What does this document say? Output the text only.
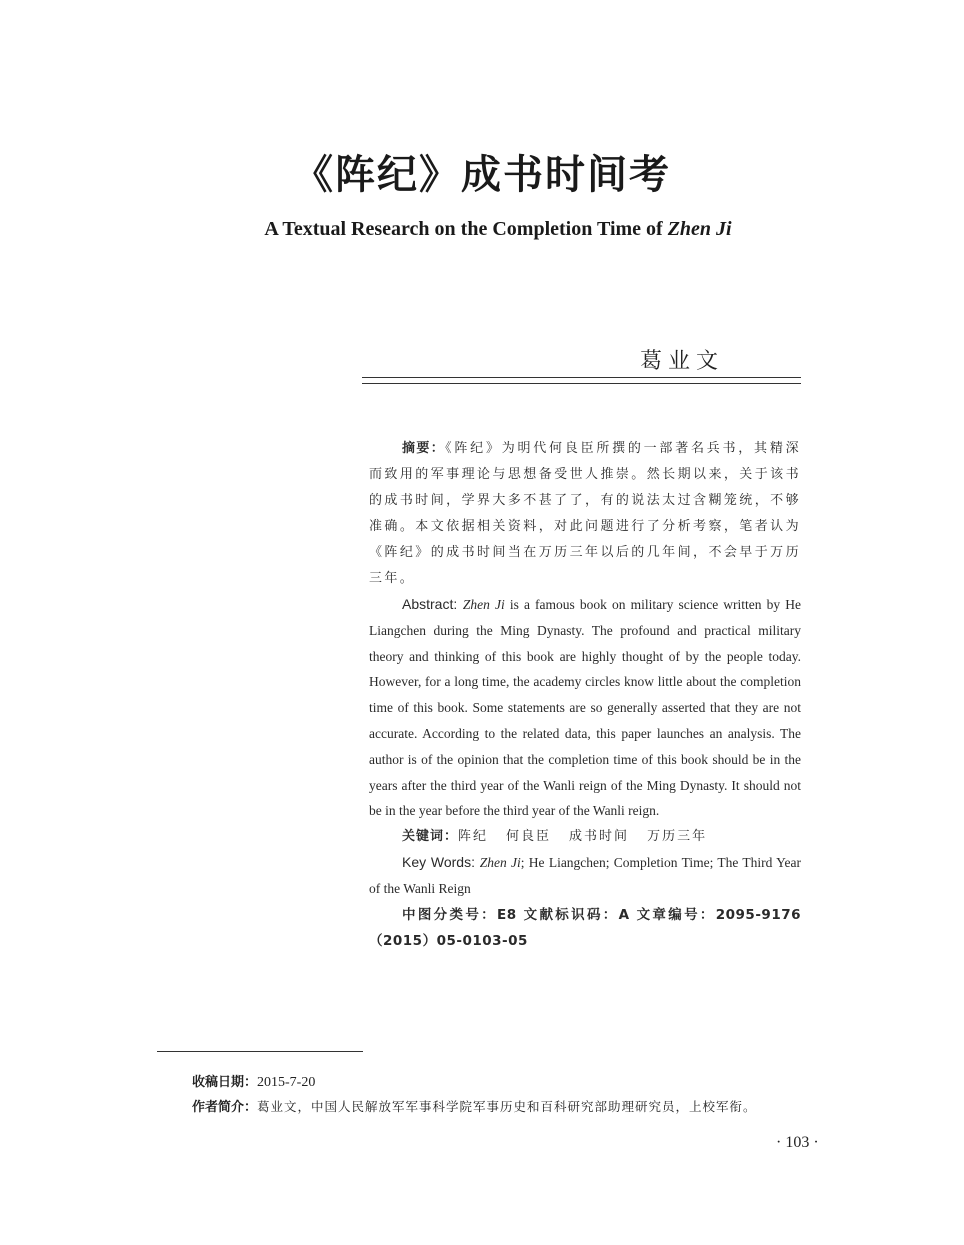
《阵纪》成书时间考
A Textual Research on the Completion Time of Zhen Ji
葛业文

摘要：《阵纪》为明代何良臣所撰的一部著名兵书，其精深而致用的军事理论与思想备受世人推崇。然长期以来，关于该书的成书时间，学界大多不甚了了，有的说法太过含糊笼统，不够准确。本文依据相关资料，对此问题进行了分析考察，笔者认为《阵纪》的成书时间当在万历三年以后的几年间，不会早于万历三年。

Abstract: Zhen Ji is a famous book on military science written by He Liangchen during the Ming Dynasty. The profound and practical military theory and thinking of this book are highly thought of by the people today. However, for a long time, the academy circles know little about the completion time of this book. Some statements are so generally asserted that they are not accurate. According to the related data, this paper launches an analysis. The author is of the opinion that the completion time of this book should be in the years after the third year of the Wanli reign of the Ming Dynasty. It should not be in the year before the third year of the Wanli reign.

关键词：阵纪 何良臣 成书时间 万历三年

Key Words: Zhen Ji; He Liangchen; Completion Time; The Third Year of the Wanli Reign

中图分类号：E8 文献标识码：A 文章编号：2095-9176（2015）05-0103-05

收稿日期：2015-7-20
作者简介：葛业文，中国人民解放军军事科学院军事历史和百科研究部助理研究员，上校军衔。
· 103 ·
